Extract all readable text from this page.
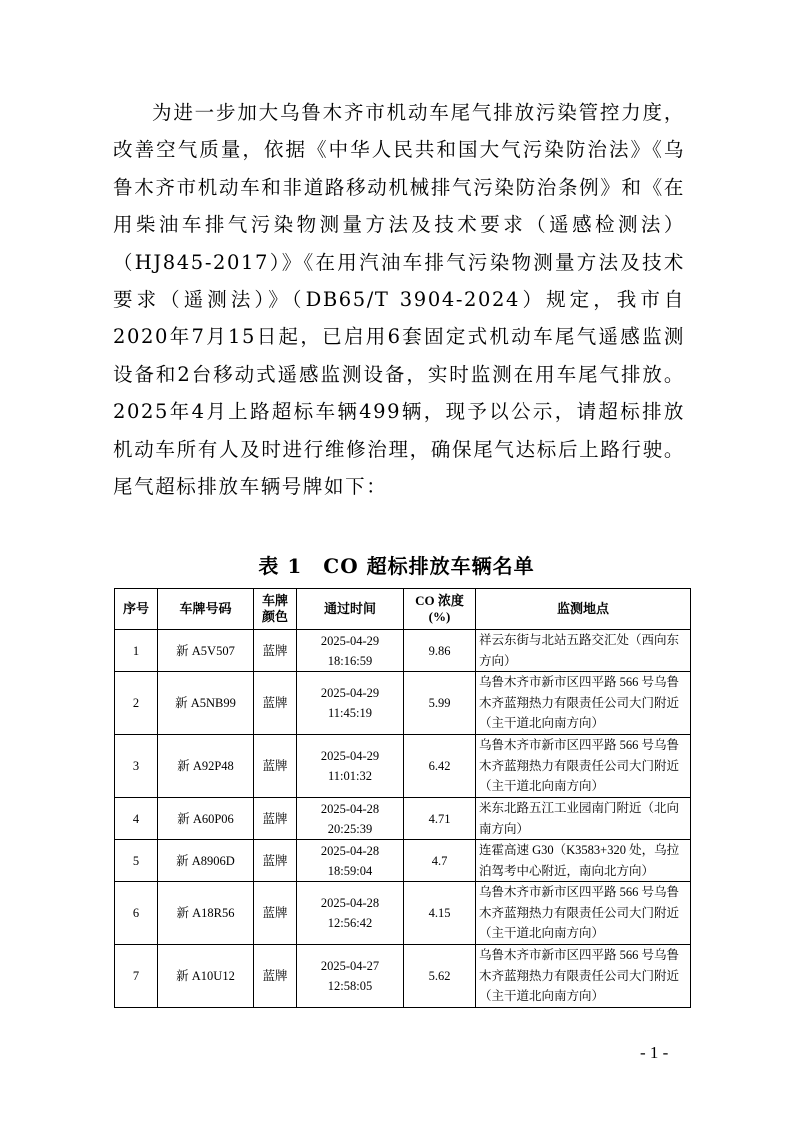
为进一步加大乌鲁木齐市机动车尾气排放污染管控力度，改善空气质量，依据《中华人民共和国大气污染防治法》《乌鲁木齐市机动车和非道路移动机械排气污染防治条例》和《在用柴油车排气污染物测量方法及技术要求（遥感检测法）（HJ845-2017）》《在用汽油车排气污染物测量方法及技术要求（遥测法）》（DB65/T 3904-2024）规定，我市自2020年7月15日起，已启用6套固定式机动车尾气遥感监测设备和2台移动式遥感监测设备，实时监测在用车尾气排放。2025年4月上路超标车辆499辆，现予以公示，请超标排放机动车所有人及时进行维修治理，确保尾气达标后上路行驶。尾气超标排放车辆号牌如下：

表 1　CO 超标排放车辆名单
序号	车牌号码	车牌颜色	通过时间	CO 浓度(%)	监测地点
1	新 A5V507	蓝牌	2025-04-29 18:16:59	9.86	祥云东街与北站五路交汇处（西向东方向）
2	新 A5NB99	蓝牌	2025-04-29 11:45:19	5.99	乌鲁木齐市新市区四平路 566 号乌鲁木齐蓝翔热力有限责任公司大门附近（主干道北向南方向）
3	新 A92P48	蓝牌	2025-04-29 11:01:32	6.42	乌鲁木齐市新市区四平路 566 号乌鲁木齐蓝翔热力有限责任公司大门附近（主干道北向南方向）
4	新 A60P06	蓝牌	2025-04-28 20:25:39	4.71	米东北路五江工业园南门附近（北向南方向）
5	新 A8906D	蓝牌	2025-04-28 18:59:04	4.7	连霍高速 G30（K3583+320 处，乌拉泊驾考中心附近，南向北方向）
6	新 A18R56	蓝牌	2025-04-28 12:56:42	4.15	乌鲁木齐市新市区四平路 566 号乌鲁木齐蓝翔热力有限责任公司大门附近（主干道北向南方向）
7	新 A10U12	蓝牌	2025-04-27 12:58:05	5.62	乌鲁木齐市新市区四平路 566 号乌鲁木齐蓝翔热力有限责任公司大门附近（主干道北向南方向）
- 1 -
